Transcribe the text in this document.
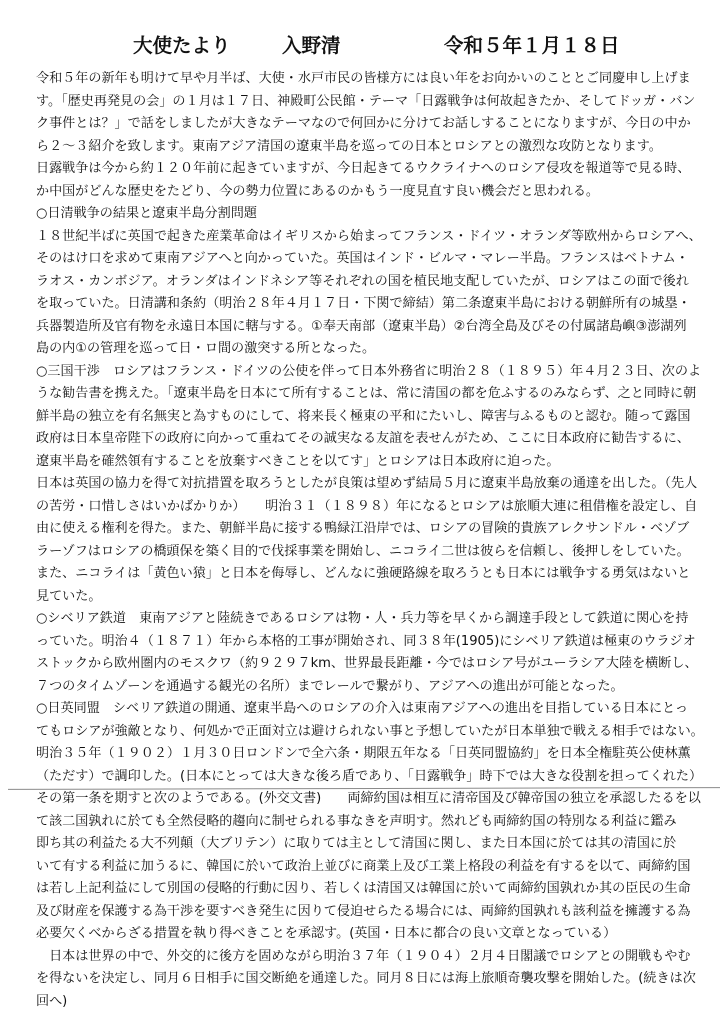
大使たより	入野清	令和５年１月１８日
令和５年の新年も明けて早や月半ば、大使・水戸市民の皆様方には良い年をお向かいのこととご同慶申し上げま
す。「歴史再発見の会」の１月は１７日、神殿町公民館・テーマ「日露戦争は何故起きたか、そしてドッガ・バン
ク事件とは？」で話をしましたが大きなテーマなので何回かに分けてお話しすることになりますが、今日の中か
ら２～３紹介を致します。東南アジア清国の遼東半島を巡っての日本とロシアとの激烈な攻防となります。
日露戦争は今から約１２０年前に起きていますが、今日起きてるウクライナへのロシア侵攻を報道等で見る時、
か中国がどんな歴史をたどり、今の勢力位置にあるのかもう一度見直す良い機会だと思われる。
○日清戦争の結果と遼東半島分割問題
１８世紀半ばに英国で起きた産業革命はイギリスから始まってフランス・ドイツ・オランダ等欧州からロシアへ、
そのはけ口を求めて東南アジアへと向かっていた。英国はインド・ビルマ・マレー半島。フランスはベトナム・
ラオス・カンボジア。オランダはインドネシア等それぞれの国を植民地支配していたが、ロシアはこの面で後れ
を取っていた。日清講和条約（明治２８年４月１７日・下関で締結）第二条遼東半島における朝鮮所有の城塁・
兵器製造所及官有物を永遠日本国に轄与する。①奉天南部（遼東半島）②台湾全島及びその付属諸島嶼③澎湖列
島の内①の管理を巡って日・ロ間の激突する所となった。
○三国干渉　ロシアはフランス・ドイツの公使を伴って日本外務省に明治２８（１８９５）年４月２３日、次のよ
うな勧告書を携えた。「遼東半島を日本にて所有することは、常に清国の都を危ふするのみならず、之と同時に朝
鮮半島の独立を有名無実と為すものにして、将来長く極東の平和にたいし、障害与ふるものと認む。随って露国
政府は日本皇帝陛下の政府に向かって重ねてその誠実なる友誼を表せんがため、ここに日本政府に勧告するに、
遼東半島を確然領有することを放棄すべきことを以てす」とロシアは日本政府に迫った。
日本は英国の協力を得て対抗措置を取ろうとしたが良策は望めず結局５月に遼東半島放棄の通達を出した。（先人
の苦労・口惜しさはいかばかりか）　　明治３１（１８９８）年になるとロシアは旅順大連に租借権を設定し、自
由に使える権利を得た。また、朝鮮半島に接する鴨緑江沿岸では、ロシアの冒険的貴族アレクサンドル・ベゾブ
ラーゾフはロシアの橋頭保を築く目的で伐採事業を開始し、ニコライ二世は彼らを信頼し、後押しをしていた。
また、ニコライは「黄色い猿」と日本を侮辱し、どんなに強硬路線を取ろうとも日本には戦争する勇気はないと
見ていた。
○シベリア鉄道　東南アジアと陸続きであるロシアは物・人・兵力等を早くから調達手段として鉄道に関心を持
っていた。明治４（１８７１）年から本格的工事が開始され、同３８年(1905)にシベリア鉄道は極東のウラジオ
ストックから欧州圏内のモスクワ（約９２９７km、世界最長距離・今ではロシア号がユーラシア大陸を横断し、
７つのタイムゾーンを通過する観光の名所）までレールで繋がり、アジアへの進出が可能となった。
○日英同盟　シベリア鉄道の開通、遼東半島へのロシアの介入は東南アジアへの進出を目指している日本にとっ
てもロシアが強敵となり、何処かで正面対立は避けられない事と予想していたが日本単独で戦える相手ではない。
明治３５年（１９０２）１月３０日ロンドンで全六条・期限五年なる「日英同盟協約」を日本全権駐英公使林薫
（ただす）で調印した。(日本にとっては大きな後ろ盾であり、「日露戦争」時下では大きな役割を担ってくれた）
その第一条を期すと次のようである。(外交文書)　　両締約国は相互に清帝国及び韓帝国の独立を承認したるを以
て該二国孰れに於ても全然侵略的趨向に制せられる事なきを声明す。然れども両締約国の特別なる利益に鑑み
即ち其の利益たる大不列顛（大ブリテン）に取りては主として清国に関し、また日本国に於ては其の清国に於
いて有する利益に加うるに、韓国に於いて政治上並びに商業上及び工業上格段の利益を有するを以て、両締約国
は若し上記利益にして別国の侵略的行動に因り、若しくは清国又は韓国に於いて両締約国孰れか其の臣民の生命
及び財産を保護する為干渉を要すべき発生に因りて侵迫せらたる場合には、両締約国孰れも該利益を擁護する為
必要欠くべからざる措置を執り得べきことを承認す。(英国・日本に都合の良い文章となっている）
　日本は世界の中で、外交的に後方を固めながら明治３７年（１９０４）２月４日閣議でロシアとの開戦もやむ
を得ないを決定し、同月６日相手に国交断絶を通達した。同月８日には海上旅順奇襲攻撃を開始した。(続きは次
回へ)
